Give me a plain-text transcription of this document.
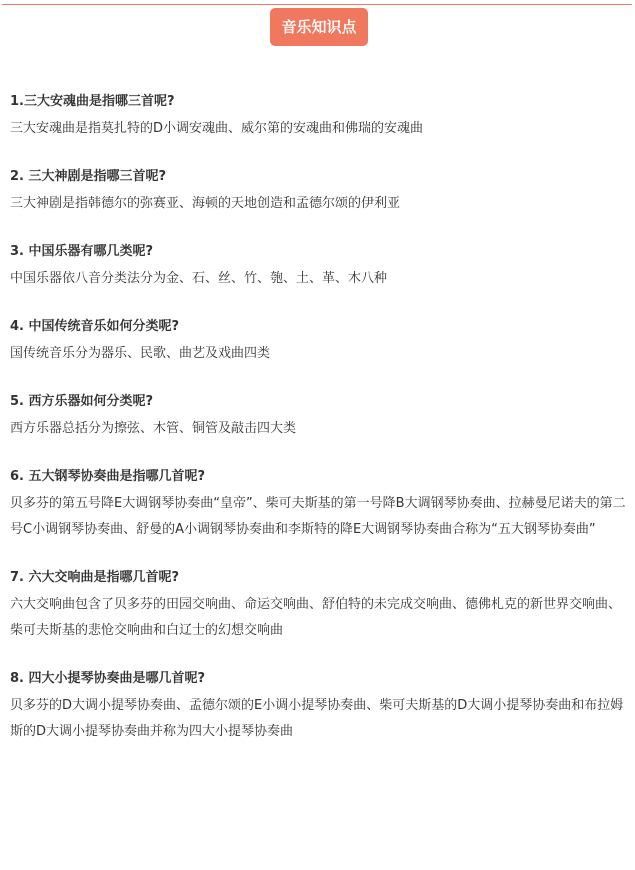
音乐知识点

1.三大安魂曲是指哪三首呢?

三大安魂曲是指莫扎特的D小调安魂曲、威尔第的安魂曲和佛瑞的安魂曲

2. 三大神剧是指哪三首呢?

三大神剧是指韩德尔的弥赛亚、海顿的天地创造和孟德尔颂的伊利亚

3. 中国乐器有哪几类呢?

中国乐器依八音分类法分为金、石、丝、竹、匏、土、革、木八种

4. 中国传统音乐如何分类呢?

国传统音乐分为器乐、民歌、曲艺及戏曲四类

5. 西方乐器如何分类呢?

西方乐器总括分为擦弦、木管、铜管及敲击四大类

6. 五大钢琴协奏曲是指哪几首呢?

贝多芬的第五号降E大调钢琴协奏曲“皇帝”、柴可夫斯基的第一号降B大调钢琴协奏曲、拉赫曼尼诺夫的第二号C小调钢琴协奏曲、舒曼的A小调钢琴协奏曲和李斯特的降E大调钢琴协奏曲合称为“五大钢琴协奏曲”

7. 六大交响曲是指哪几首呢?

六大交响曲包含了贝多芬的田园交响曲、命运交响曲、舒伯特的未完成交响曲、德佛札克的新世界交响曲、柴可夫斯基的悲怆交响曲和白辽士的幻想交响曲

8. 四大小提琴协奏曲是哪几首呢?

贝多芬的D大调小提琴协奏曲、孟德尔颂的E小调小提琴协奏曲、柴可夫斯基的D大调小提琴协奏曲和布拉姆斯的D大调小提琴协奏曲并称为四大小提琴协奏曲
